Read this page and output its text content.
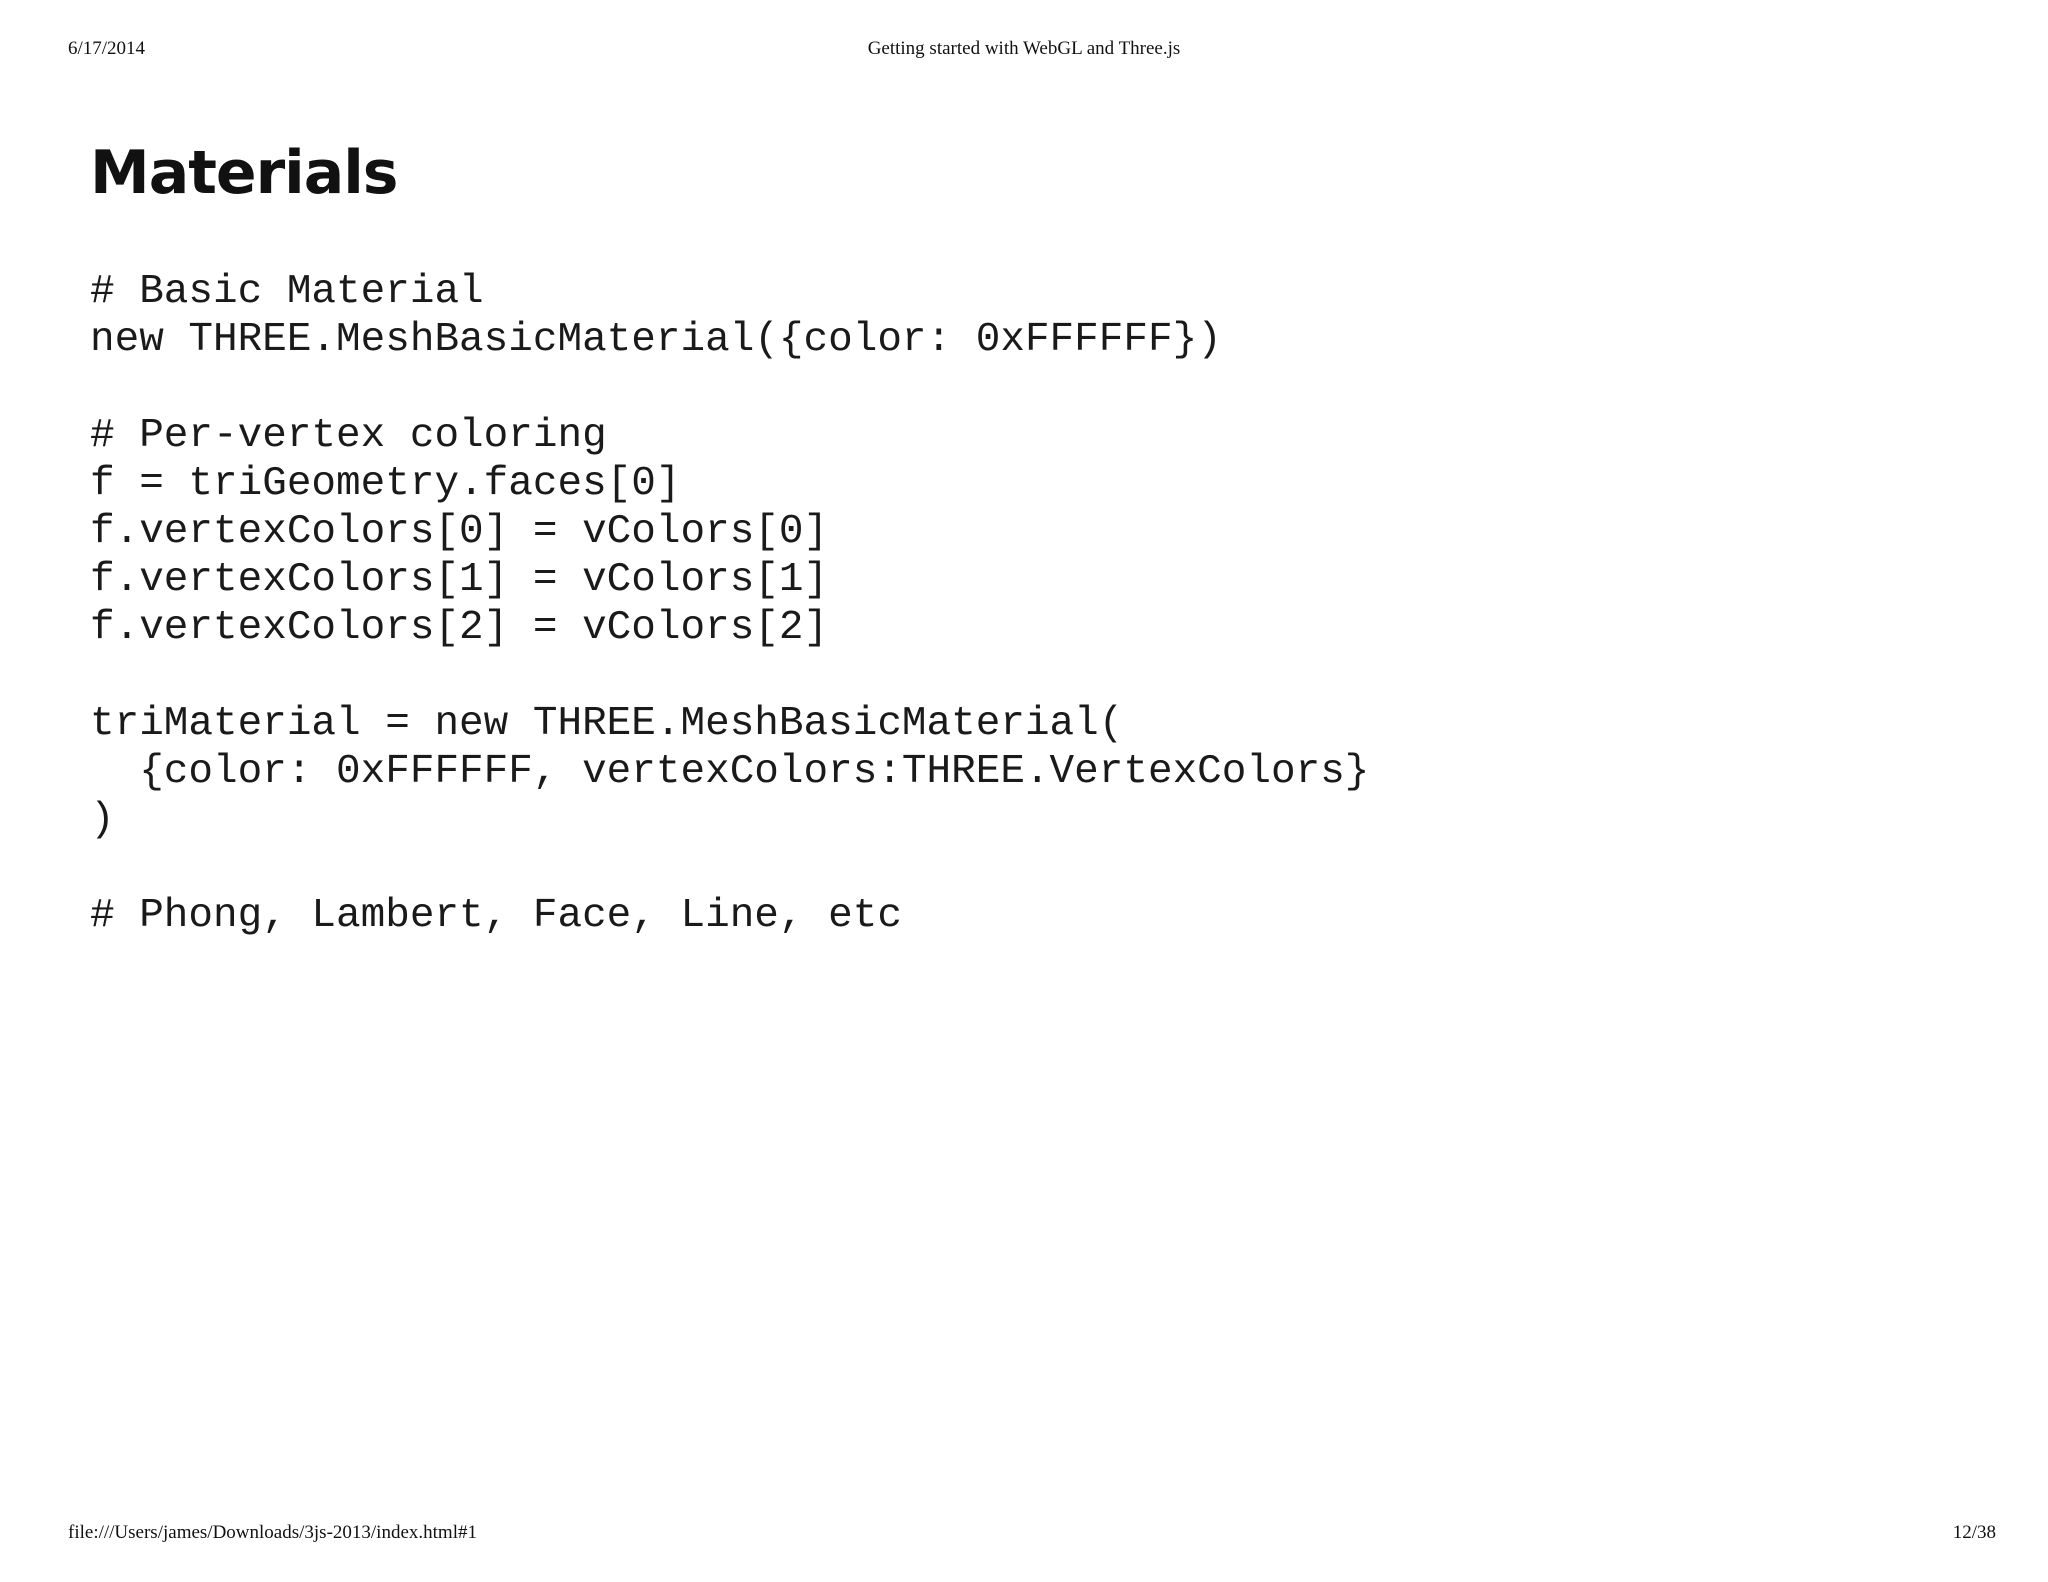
6/17/2014	Getting started with WebGL and Three.js
Materials
# Basic Material
new THREE.MeshBasicMaterial({color: 0xFFFFFF})
# Per-vertex coloring
f = triGeometry.faces[0]
f.vertexColors[0] = vColors[0]
f.vertexColors[1] = vColors[1]
f.vertexColors[2] = vColors[2]
triMaterial = new THREE.MeshBasicMaterial(
{color: 0xFFFFFF, vertexColors:THREE.VertexColors}
)
# Phong, Lambert, Face, Line, etc
file:///Users/james/Downloads/3js-2013/index.html#1	12/38
